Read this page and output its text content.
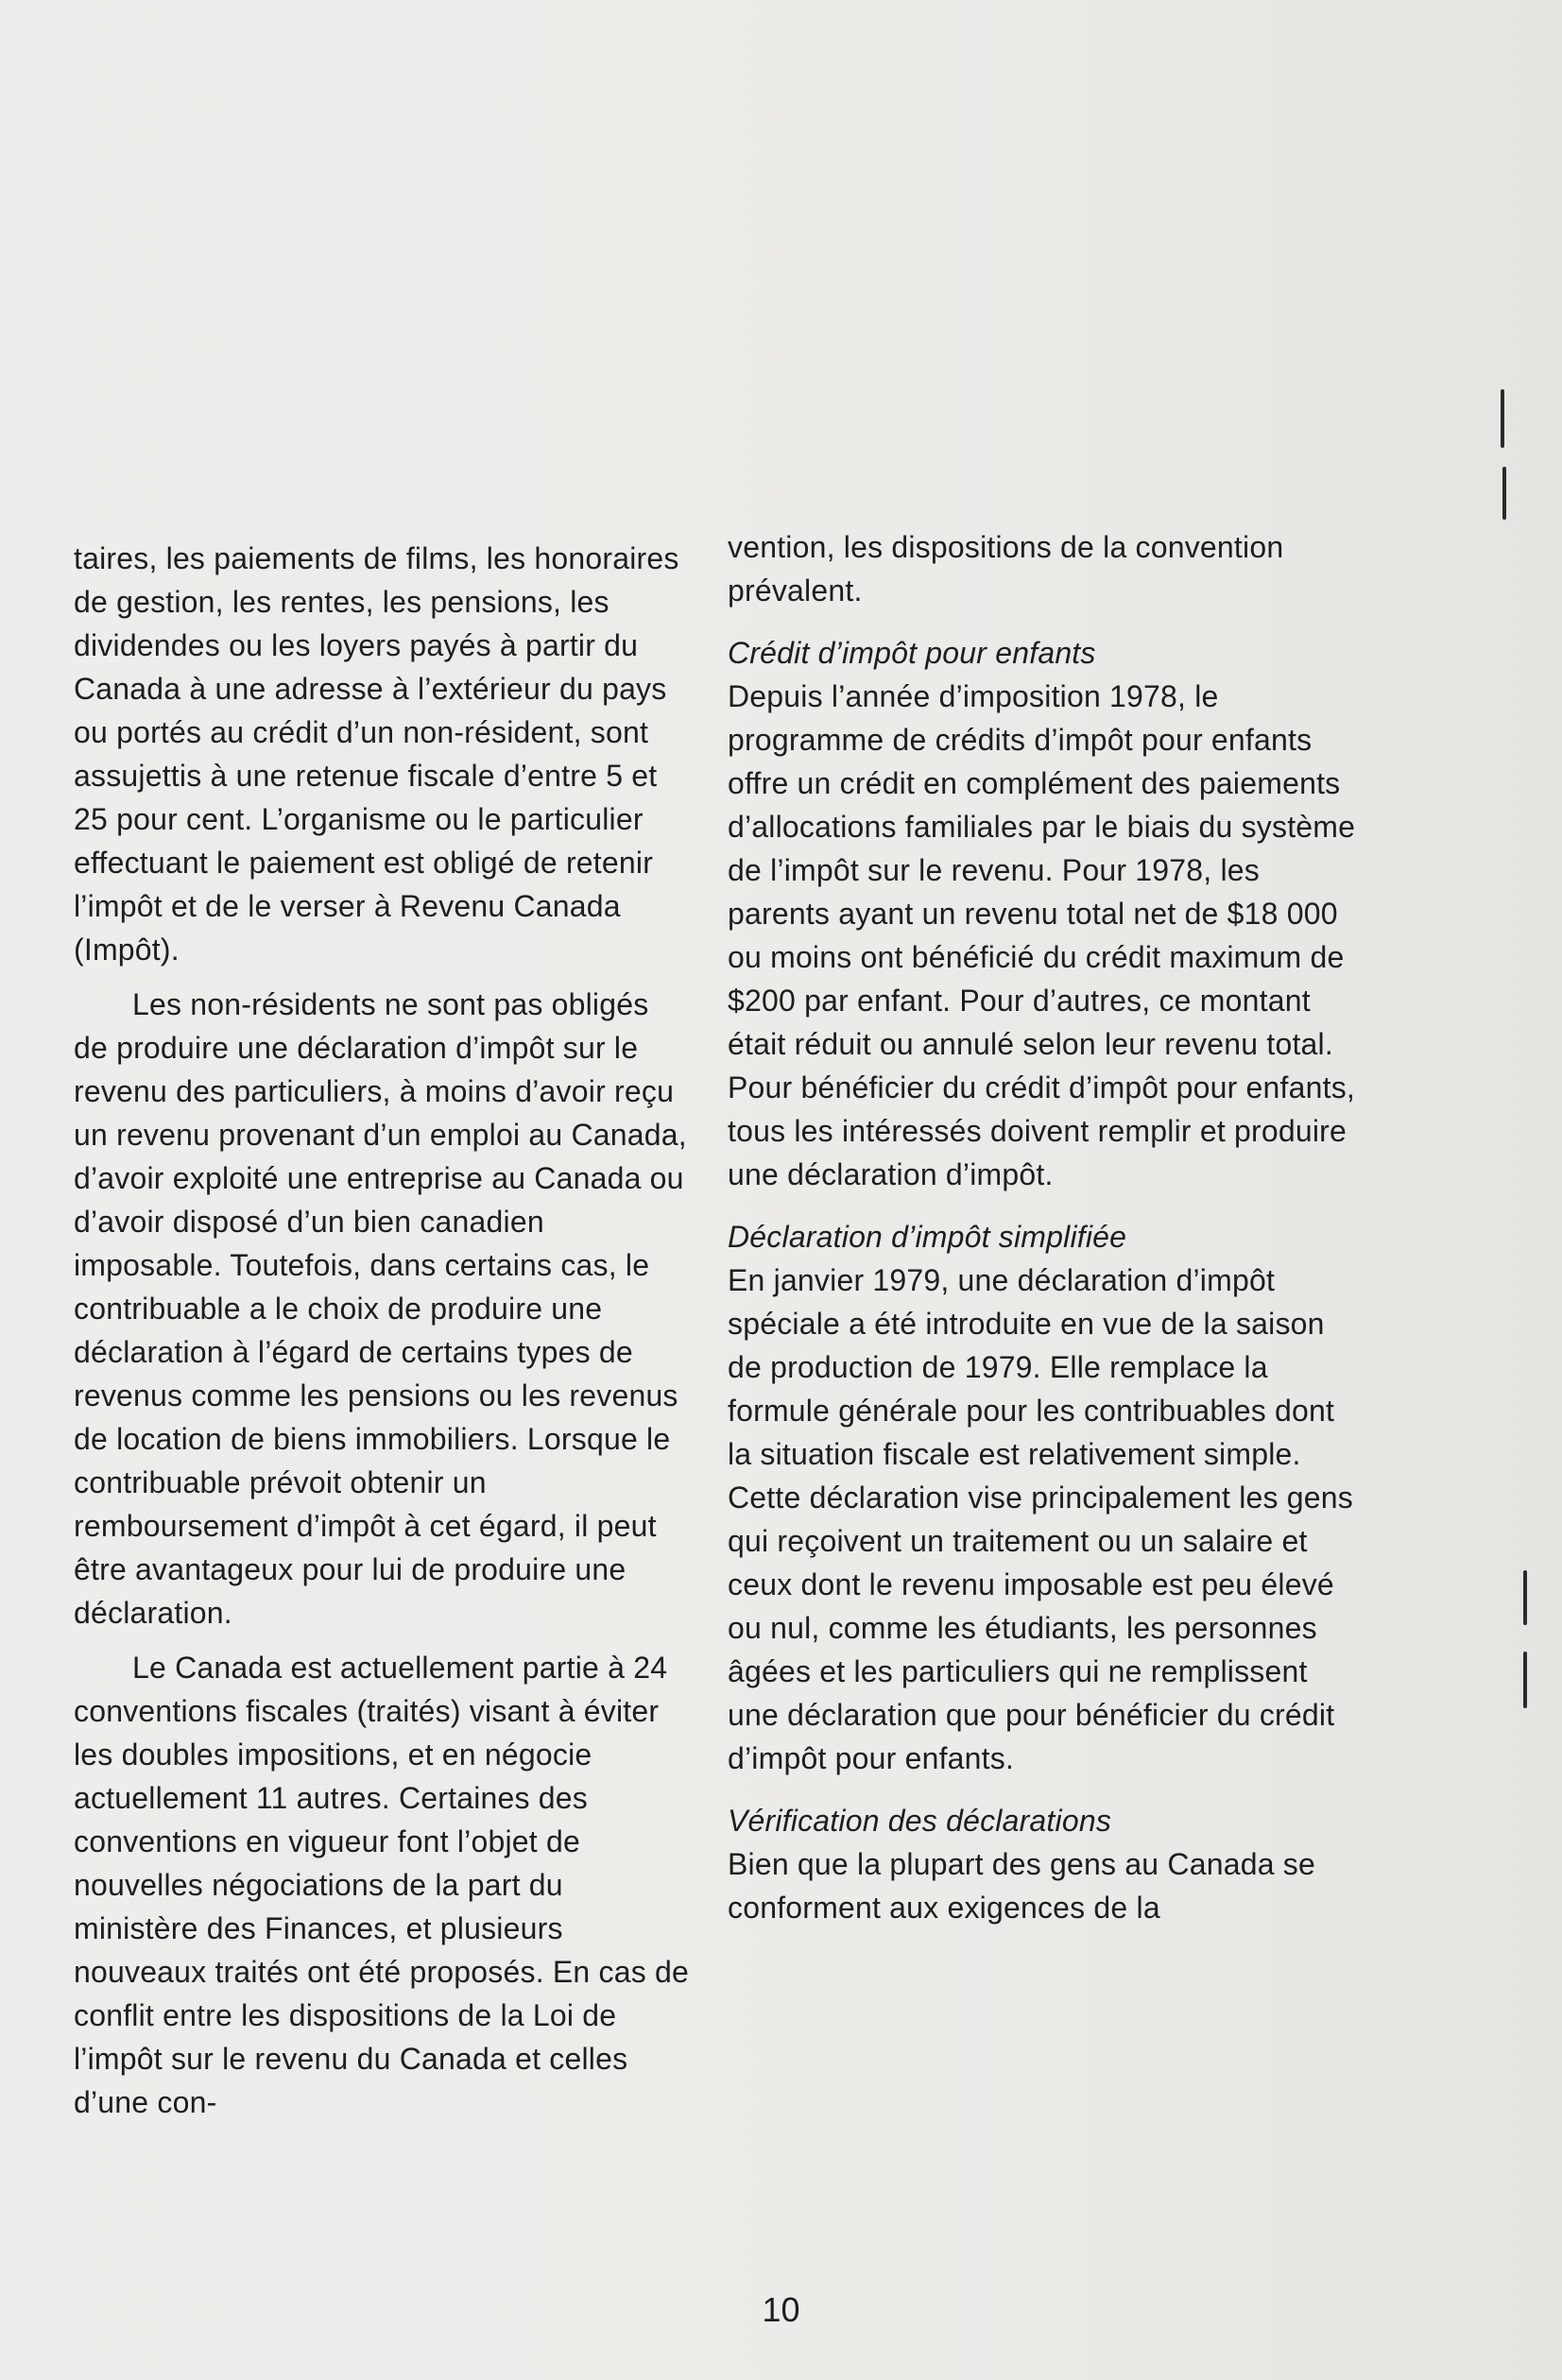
taires, les paiements de films, les honoraires de gestion, les rentes, les pensions, les dividendes ou les loyers payés à partir du Canada à une adresse à l’extérieur du pays ou portés au crédit d’un non-résident, sont assujettis à une retenue fiscale d’entre 5 et 25 pour cent. L’organisme ou le particulier effectuant le paiement est obligé de retenir l’impôt et de le verser à Revenu Canada (Impôt).

Les non-résidents ne sont pas obligés de produire une déclaration d’impôt sur le revenu des particuliers, à moins d’avoir reçu un revenu provenant d’un emploi au Canada, d’avoir exploité une entreprise au Canada ou d’avoir disposé d’un bien canadien imposable. Toutefois, dans certains cas, le contribuable a le choix de produire une déclaration à l’égard de certains types de revenus comme les pensions ou les revenus de location de biens immobiliers. Lorsque le contribuable prévoit obtenir un remboursement d’impôt à cet égard, il peut être avantageux pour lui de produire une déclaration.

Le Canada est actuellement partie à 24 conventions fiscales (traités) visant à éviter les doubles impositions, et en négocie actuellement 11 autres. Certaines des conventions en vigueur font l’objet de nouvelles négociations de la part du ministère des Finances, et plusieurs nouveaux traités ont été proposés. En cas de conflit entre les dispositions de la Loi de l’impôt sur le revenu du Canada et celles d’une con-

vention, les dispositions de la convention prévalent.

Crédit d’impôt pour enfants

Depuis l’année d’imposition 1978, le programme de crédits d’impôt pour enfants offre un crédit en complément des paiements d’allocations familiales par le biais du système de l’impôt sur le revenu. Pour 1978, les parents ayant un revenu total net de $18 000 ou moins ont bénéficié du crédit maximum de $200 par enfant. Pour d’autres, ce montant était réduit ou annulé selon leur revenu total. Pour bénéficier du crédit d’impôt pour enfants, tous les intéressés doivent remplir et produire une déclaration d’impôt.

Déclaration d’impôt simplifiée

En janvier 1979, une déclaration d’impôt spéciale a été introduite en vue de la saison de production de 1979. Elle remplace la formule générale pour les contribuables dont la situation fiscale est relativement simple. Cette déclaration vise principalement les gens qui reçoivent un traitement ou un salaire et ceux dont le revenu imposable est peu élevé ou nul, comme les étudiants, les personnes âgées et les particuliers qui ne remplissent une déclaration que pour bénéficier du crédit d’impôt pour enfants.

Vérification des déclarations

Bien que la plupart des gens au Canada se conforment aux exigences de la

10
